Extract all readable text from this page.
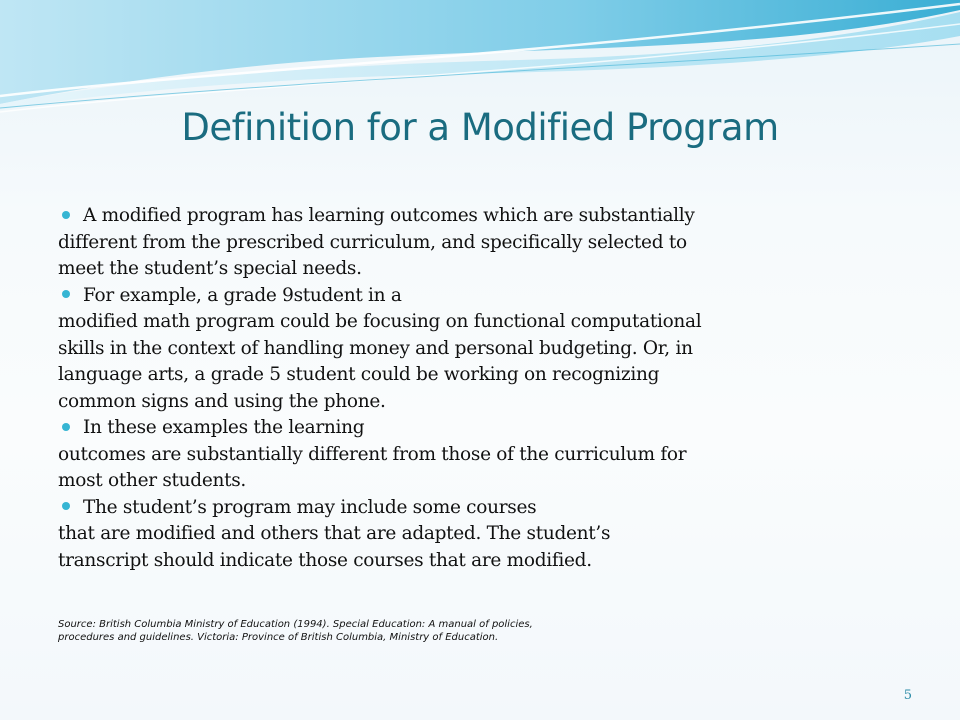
Definition for a Modified Program

A modified program has learning outcomes which are substantially
different from the prescribed curriculum, and specifically selected to
meet the student’s special needs.

For example, a grade 9student in a
modified math program could be focusing on functional computational
skills in the context of handling money and personal budgeting. Or, in
language arts, a grade 5 student could be working on recognizing
common signs and using the phone.

In these examples the learning
outcomes are substantially different from those of the curriculum for
most other students.

The student’s program may include some courses
that are modified and others that are adapted. The student’s
transcript should indicate those courses that are modified.

Source: British Columbia Ministry of Education (1994). Special Education: A manual of policies,
procedures and guidelines. Victoria: Province of British Columbia, Ministry of Education.
5
